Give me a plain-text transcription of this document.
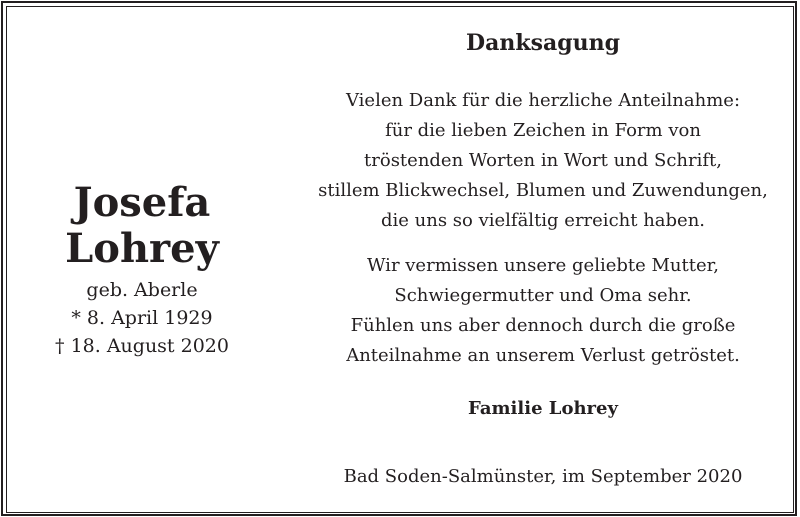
Josefa
Lohrey
geb. Aberle
* 8. April 1929
† 18. August 2020
Danksagung
Vielen Dank für die herzliche Anteilnahme:
für die lieben Zeichen in Form von
tröstenden Worten in Wort und Schrift,
stillem Blickwechsel, Blumen und Zuwendungen,
die uns so vielfältig erreicht haben.
Wir vermissen unsere geliebte Mutter,
Schwiegermutter und Oma sehr.
Fühlen uns aber dennoch durch die große
Anteilnahme an unserem Verlust getröstet.
Familie Lohrey
Bad Soden-Salmünster, im September 2020
